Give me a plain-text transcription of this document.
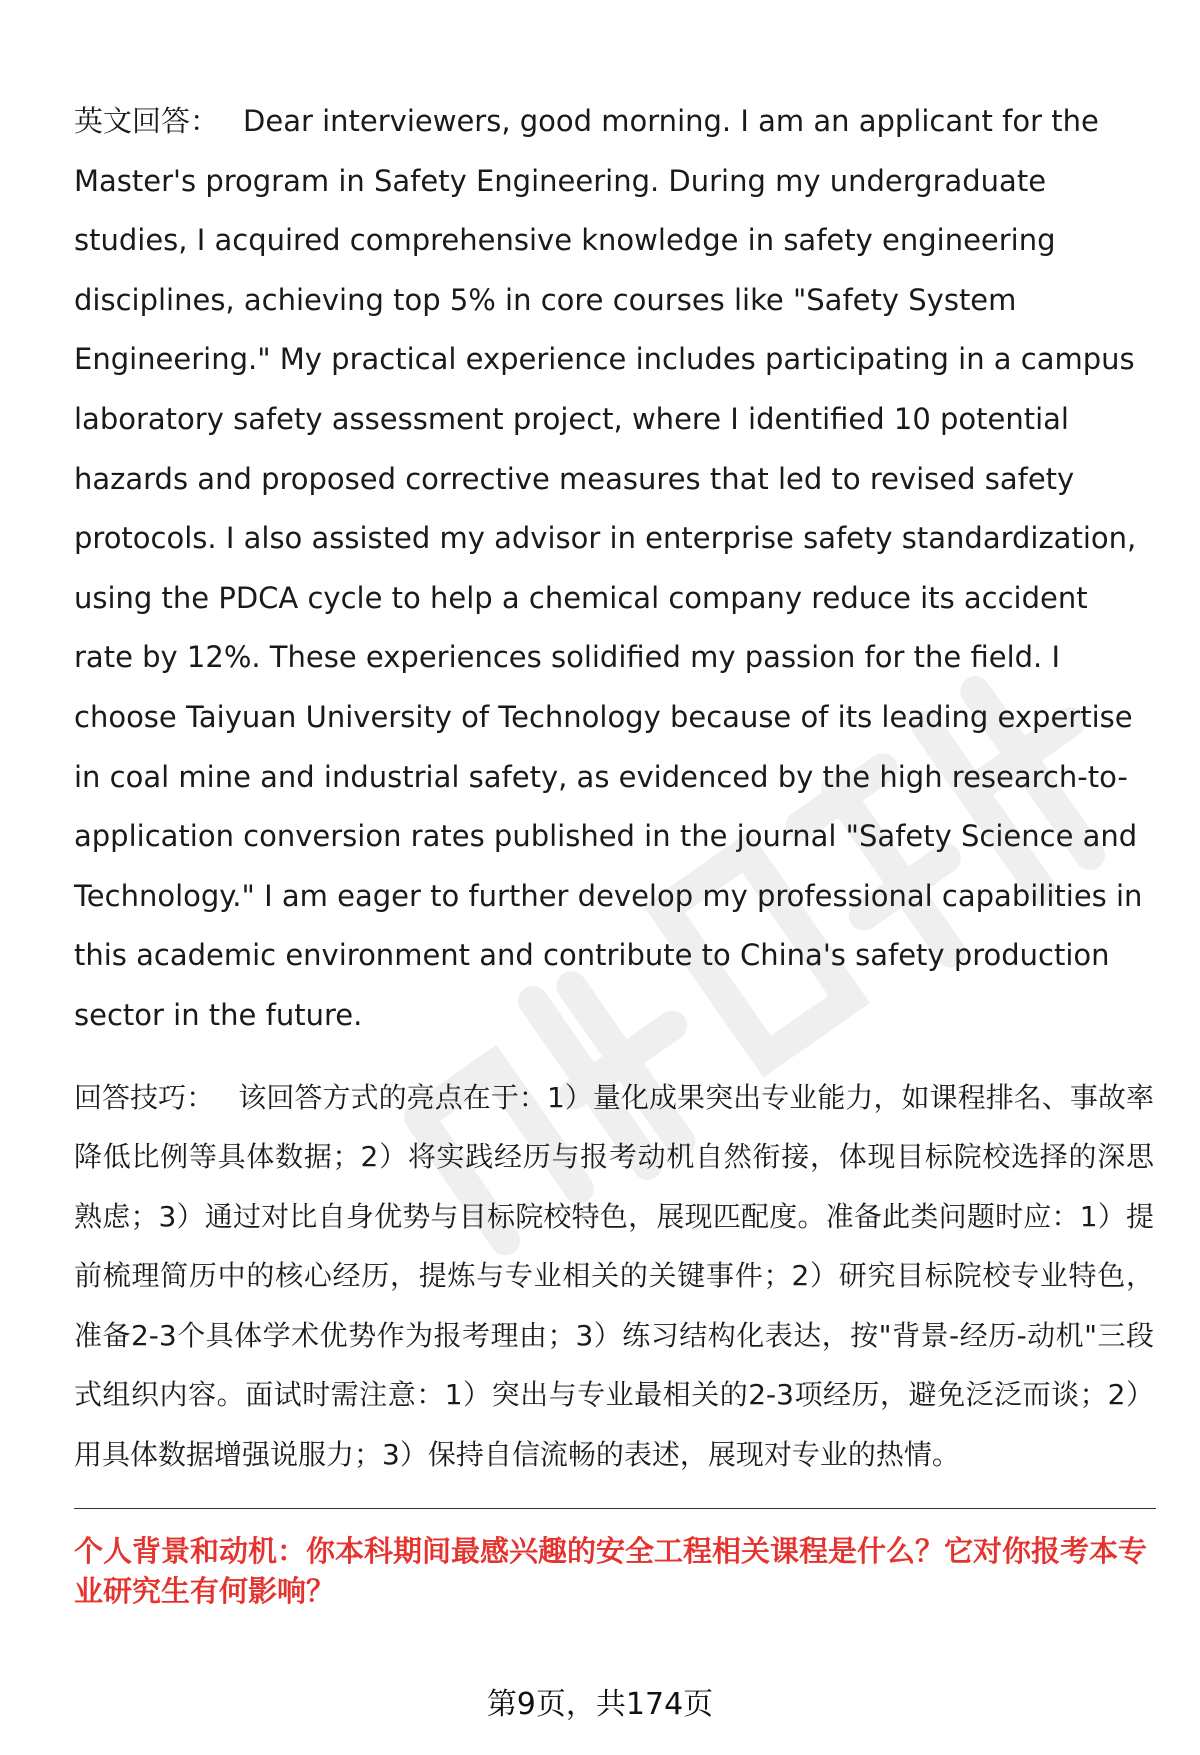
英文回答： Dear interviewers, good morning. I am an applicant for the Master's program in Safety Engineering. During my undergraduate studies, I acquired comprehensive knowledge in safety engineering disciplines, achieving top 5% in core courses like "Safety System Engineering." My practical experience includes participating in a campus laboratory safety assessment project, where I identified 10 potential hazards and proposed corrective measures that led to revised safety protocols. I also assisted my advisor in enterprise safety standardization, using the PDCA cycle to help a chemical company reduce its accident rate by 12%. These experiences solidified my passion for the field. I choose Taiyuan University of Technology because of its leading expertise in coal mine and industrial safety, as evidenced by the high research-to-application conversion rates published in the journal "Safety Science and Technology." I am eager to further develop my professional capabilities in this academic environment and contribute to China's safety production sector in the future.

回答技巧： 该回答方式的亮点在于：1）量化成果突出专业能力，如课程排名、事故率降低比例等具体数据；2）将实践经历与报考动机自然衔接，体现目标院校选择的深思熟虑；3）通过对比自身优势与目标院校特色，展现匹配度。准备此类问题时应：1）提前梳理简历中的核心经历，提炼与专业相关的关键事件；2）研究目标院校专业特色，准备2-3个具体学术优势作为报考理由；3）练习结构化表达，按"背景-经历-动机"三段式组织内容。面试时需注意：1）突出与专业最相关的2-3项经历，避免泛泛而谈；2）用具体数据增强说服力；3）保持自信流畅的表述，展现对专业的热情。

个人背景和动机：你本科期间最感兴趣的安全工程相关课程是什么？它对你报考本专业研究生有何影响？

第9页，共174页
